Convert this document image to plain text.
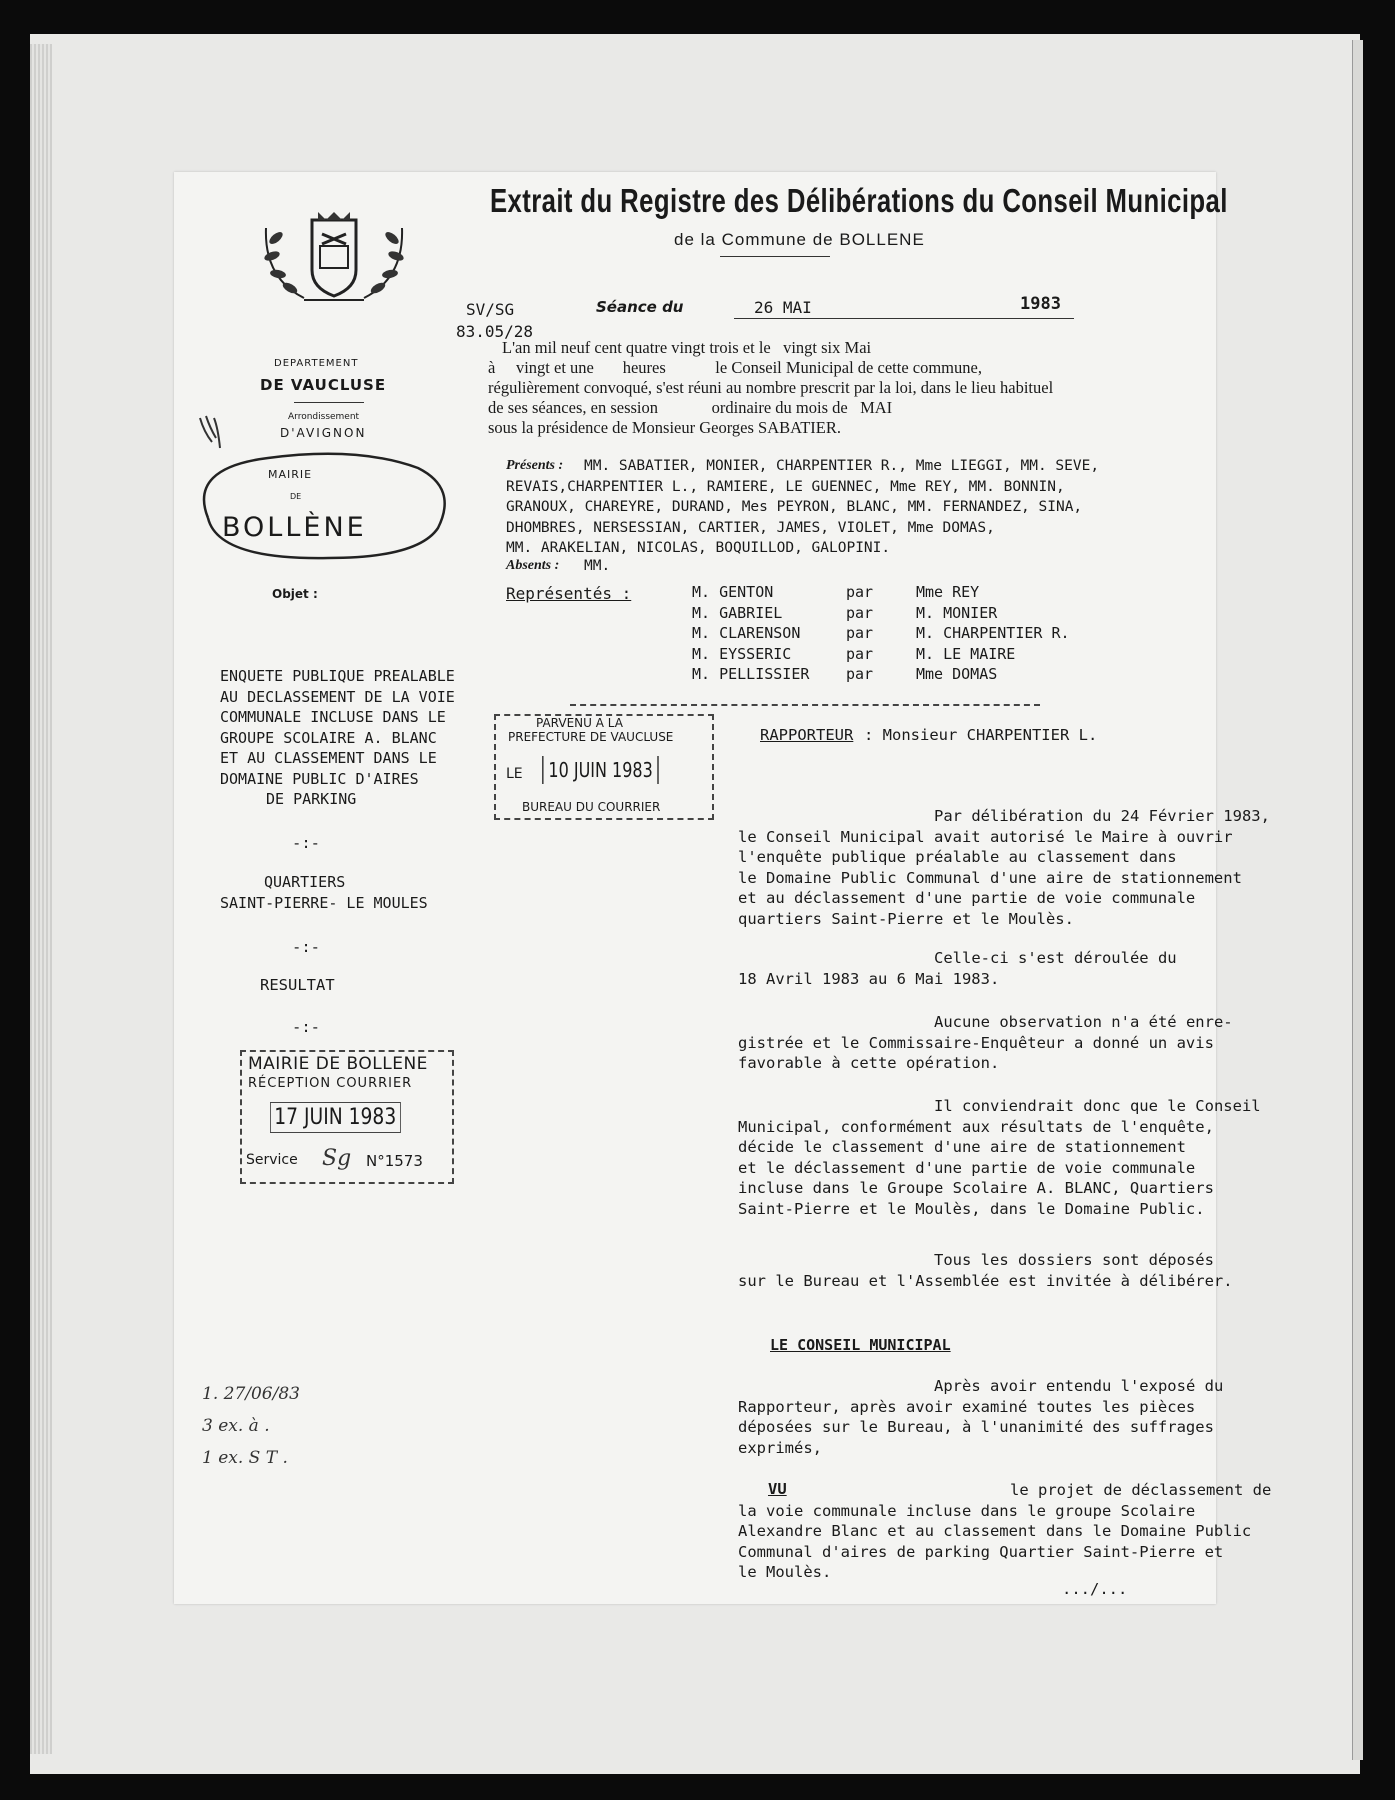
DEPARTEMENT
DE VAUCLUSE
Arrondissement
D'AVIGNON
MAIRIE
DE
BOLLÈNE
Objet :
ENQUETE PUBLIQUE PREALABLE
AU DECLASSEMENT DE LA VOIE
COMMUNALE INCLUSE DANS LE
GROUPE SCOLAIRE A. BLANC
ET AU CLASSEMENT DANS LE
DOMAINE PUBLIC D'AIRES
DE PARKING
-:-
QUARTIERS
SAINT-PIERRE- LE MOULES
-:-
RESULTAT
-:-
MAIRIE DE BOLLENE
RÉCEPTION COURRIER
17 JUIN 1983
Service Sg N°1573
1. 27/06/83
3 ex. à .
1 ex. S T .
Extrait du Registre des Délibérations du Conseil Municipal
de la Commune de BOLLENE
SV/SG
83.05/28
Séance du	26 MAI	1983
L'an mil neuf cent quatre vingt trois et le   vingt six Mai
à     vingt et une       heures            le Conseil Municipal de cette commune,
régulièrement convoqué, s'est réuni au nombre prescrit par la loi, dans le lieu habituel
de ses séances, en session             ordinaire du mois de   MAI
sous la présidence de Monsieur Georges SABATIER.
Présents :	MM. SABATIER, MONIER, CHARPENTIER R., Mme LIEGGI, MM. SEVE,
REVAIS,CHARPENTIER L., RAMIERE, LE GUENNEC, Mme REY, MM. BONNIN,
GRANOUX, CHAREYRE, DURAND, Mes PEYRON, BLANC, MM. FERNANDEZ, SINA,
DHOMBRES, NERSESSIAN, CARTIER, JAMES, VIOLET, Mme DOMAS,
MM. ARAKELIAN, NICOLAS, BOQUILLOD, GALOPINI.
Absents : MM.
Représentés :	M. GENTON	par	Mme REY
M. GABRIEL	par	M. MONIER
M. CLARENSON	par	M. CHARPENTIER R.
M. EYSSERIC	par	M. LE MAIRE
M. PELLISSIER	par	Mme DOMAS
PARVENU A LA
PREFECTURE DE VAUCLUSE
LE	10 JUIN 1983
BUREAU DU COURRIER
RAPPORTEUR : Monsieur CHARPENTIER L.
Par délibération du 24 Février 1983,
le Conseil Municipal avait autorisé le Maire à ouvrir
l'enquête publique préalable au classement dans
le Domaine Public Communal d'une aire de stationnement
et au déclassement d'une partie de voie communale
quartiers Saint-Pierre et le Moulès.
Celle-ci s'est déroulée du
18 Avril 1983 au 6 Mai 1983.
Aucune observation n'a été enre-
gistrée et le Commissaire-Enquêteur a donné un avis
favorable à cette opération.
Il conviendrait donc que le Conseil
Municipal, conformément aux résultats de l'enquête,
décide le classement d'une aire de stationnement
et le déclassement d'une partie de voie communale
incluse dans le Groupe Scolaire A. BLANC, Quartiers
Saint-Pierre et le Moulès, dans le Domaine Public.
Tous les dossiers sont déposés
sur le Bureau et l'Assemblée est invitée à délibérer.
LE CONSEIL MUNICIPAL
Après avoir entendu l'exposé du
Rapporteur, après avoir examiné toutes les pièces
déposées sur le Bureau, à l'unanimité des suffrages
exprimés,
VU	le projet de déclassement de
la voie communale incluse dans le groupe Scolaire
Alexandre Blanc et au classement dans le Domaine Public
Communal d'aires de parking Quartier Saint-Pierre et
le Moulès.
.../...
